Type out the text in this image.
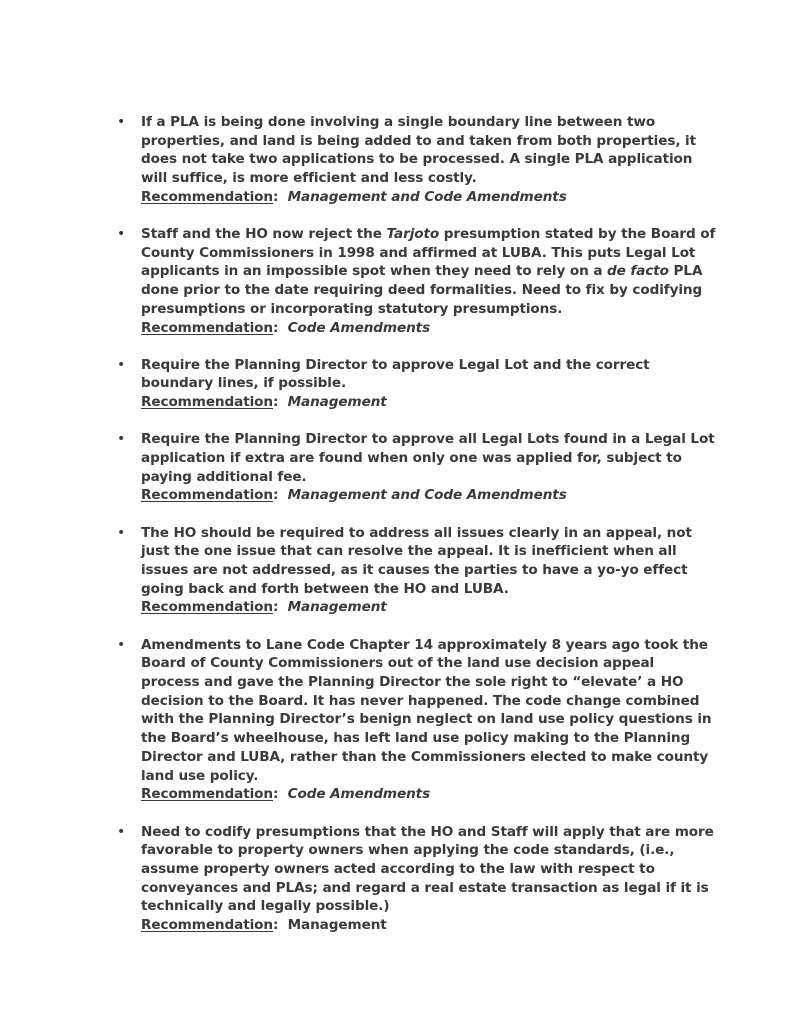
• If a PLA is being done involving a single boundary line between two properties, and land is being added to and taken from both properties, it does not take two applications to be processed. A single PLA application will suffice, is more efficient and less costly.
Recommendation:  Management and Code Amendments
• Staff and the HO now reject the Tarjoto presumption stated by the Board of County Commissioners in 1998 and affirmed at LUBA. This puts Legal Lot applicants in an impossible spot when they need to rely on a de facto PLA done prior to the date requiring deed formalities. Need to fix by codifying presumptions or incorporating statutory presumptions.
Recommendation:  Code Amendments
• Require the Planning Director to approve Legal Lot and the correct boundary lines, if possible.
Recommendation:  Management
• Require the Planning Director to approve all Legal Lots found in a Legal Lot application if extra are found when only one was applied for, subject to paying additional fee.
Recommendation:  Management and Code Amendments
• The HO should be required to address all issues clearly in an appeal, not just the one issue that can resolve the appeal. It is inefficient when all issues are not addressed, as it causes the parties to have a yo-yo effect going back and forth between the HO and LUBA.
Recommendation:  Management
• Amendments to Lane Code Chapter 14 approximately 8 years ago took the Board of County Commissioners out of the land use decision appeal process and gave the Planning Director the sole right to “elevate’ a HO decision to the Board. It has never happened. The code change combined with the Planning Director’s benign neglect on land use policy questions in the Board’s wheelhouse, has left land use policy making to the Planning Director and LUBA, rather than the Commissioners elected to make county land use policy.
Recommendation:  Code Amendments
• Need to codify presumptions that the HO and Staff will apply that are more favorable to property owners when applying the code standards, (i.e., assume property owners acted according to the law with respect to conveyances and PLAs; and regard a real estate transaction as legal if it is technically and legally possible.)
Recommendation:  Management
